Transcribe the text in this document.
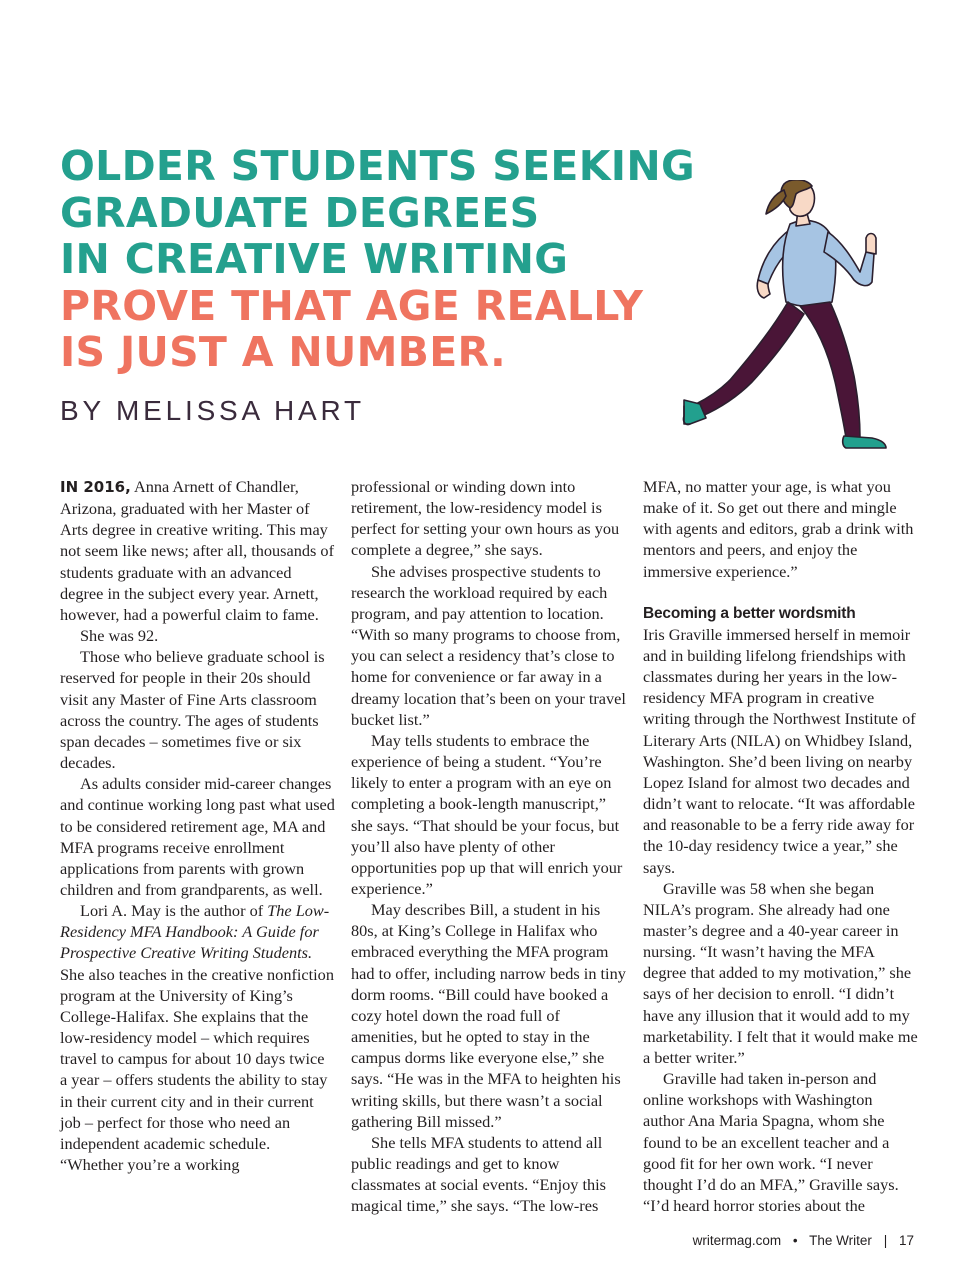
OLDER STUDENTS SEEKING
GRADUATE DEGREES
IN CREATIVE WRITING
PROVE THAT AGE REALLY
IS JUST A NUMBER.
BY MELISSA HART

IN 2016, Anna Arnett of Chandler, Arizona, graduated with her Master of Arts degree in creative writing. This may not seem like news; after all, thousands of students graduate with an advanced degree in the subject every year. Arnett, however, had a powerful claim to fame.

She was 92.

Those who believe graduate school is reserved for people in their 20s should visit any Master of Fine Arts classroom across the country. The ages of students span decades – sometimes five or six decades.

As adults consider mid-career changes and continue working long past what used to be considered retirement age, MA and MFA programs receive enrollment applications from parents with grown children and from grandparents, as well.

Lori A. May is the author of The Low-Residency MFA Handbook: A Guide for Prospective Creative Writing Students. She also teaches in the creative nonfiction program at the University of King’s College-Halifax. She explains that the low-residency model – which requires travel to campus for about 10 days twice a year – offers students the ability to stay in their current city and in their current job – perfect for those who need an independent academic schedule. “Whether you’re a working

professional or winding down into retirement, the low-residency model is perfect for setting your own hours as you complete a degree,” she says.

She advises prospective students to research the workload required by each program, and pay attention to location. “With so many programs to choose from, you can select a residency that’s close to home for convenience or far away in a dreamy location that’s been on your travel bucket list.”

May tells students to embrace the experience of being a student. “You’re likely to enter a program with an eye on completing a book-length manuscript,” she says. “That should be your focus, but you’ll also have plenty of other opportunities pop up that will enrich your experience.”

May describes Bill, a student in his 80s, at King’s College in Halifax who embraced everything the MFA program had to offer, including narrow beds in tiny dorm rooms. “Bill could have booked a cozy hotel down the road full of amenities, but he opted to stay in the campus dorms like everyone else,” she says. “He was in the MFA to heighten his writing skills, but there wasn’t a social gathering Bill missed.”

She tells MFA students to attend all public readings and get to know classmates at social events. “Enjoy this magical time,” she says. “The low-res

MFA, no matter your age, is what you make of it. So get out there and mingle with agents and editors, grab a drink with mentors and peers, and enjoy the immersive experience.”

Becoming a better wordsmith

Iris Graville immersed herself in memoir and in building lifelong friendships with classmates during her years in the low-residency MFA program in creative writing through the Northwest Institute of Literary Arts (NILA) on Whidbey Island, Washington. She’d been living on nearby Lopez Island for almost two decades and didn’t want to relocate. “It was affordable and reasonable to be a ferry ride away for the 10-day residency twice a year,” she says.

Graville was 58 when she began NILA’s program. She already had one master’s degree and a 40-year career in nursing. “It wasn’t having the MFA degree that added to my motivation,” she says of her decision to enroll. “I didn’t have any illusion that it would add to my marketability. I felt that it would make me a better writer.”

Graville had taken in-person and online workshops with Washington author Ana Maria Spagna, whom she found to be an excellent teacher and a good fit for her own work. “I never thought I’d do an MFA,” Graville says. “I’d heard horror stories about the

writermag.com • The Writer | 17
